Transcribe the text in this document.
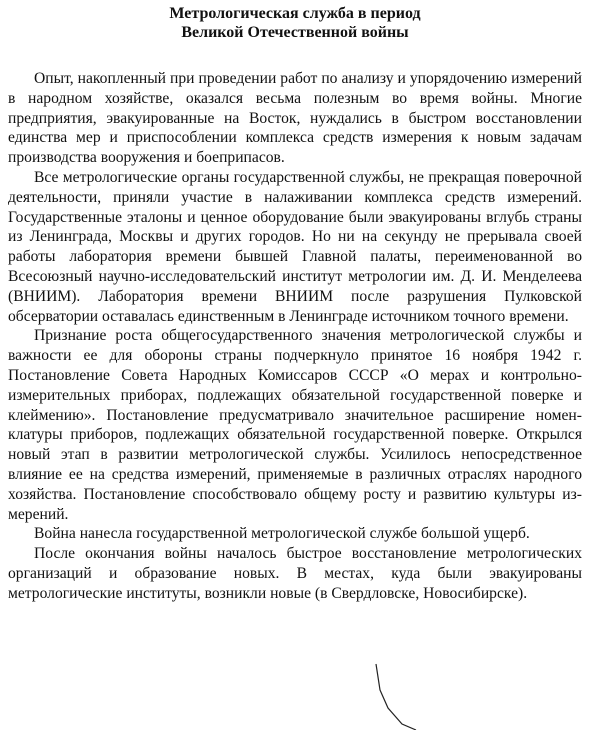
Метрологическая служба в период
Великой Отечественной войны

Опыт, накопленный при проведении работ по анализу и упорядочению измерений в народном хозяйстве, оказался весьма полезным во время войны. Многие предприятия, эвакуированные на Восток, нуждались в быстром восстановлении единства мер и приспособлении комплекса средств измерения к новым задачам производства вооружения и боеприпасов.

Все метрологические органы государственной службы, не прекращая поверочной деятельности, приняли участие в налаживании комплекса средств измерений. Государственные эталоны и ценное оборудование были эвакуированы вглубь страны из Ленинграда, Москвы и других городов. Но ни на секунду не прерывала своей работы лаборатория времени бывшей Главной палаты, переименованной во Всесоюзный научно-исследовательский институт метрологии им. Д. И. Менделеева (ВНИИМ). Лаборатория времени ВНИИМ после разрушения Пулковской обсерватории оставалась единственным в Ленинграде источником точного времени.

Признание роста общегосударственного значения метрологической службы и важности ее для обороны страны подчеркнуло принятое 16 ноября 1942 г. Постановление Совета Народных Комиссаров СССР «О мерах и контрольно-измерительных приборах, подлежащих обязательной государственной поверке и клеймению». Постановление предусматривало значительное расширение номенклатуры приборов, подлежащих обязательной государственной поверке. Открылся новый этап в развитии метрологической службы. Усилилось непосредственное влияние ее на средства измерений, применяемые в различных отраслях народного хозяйства. Постановление способствовало общему росту и развитию культуры измерений.

Война нанесла государственной метрологической службе большой ущерб.

После окончания войны началось быстрое восстановление метрологических организаций и образование новых. В местах, куда были эвакуированы метрологические институты, возникли новые (в Свердловске, Новосибирске).
